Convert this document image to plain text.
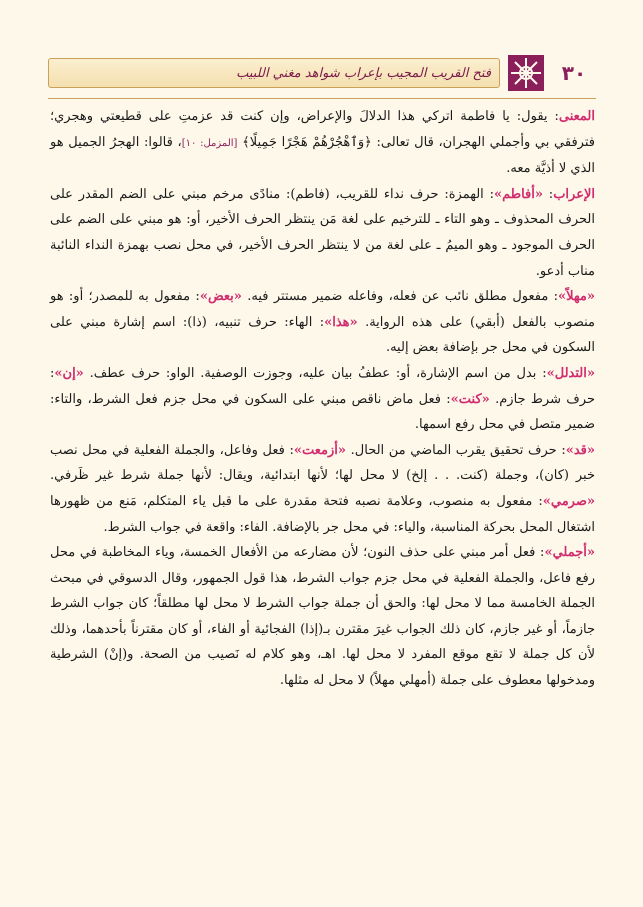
٣٠
فتح القريب المجيب بإعراب شواهد مغني اللبيب

المعنى: يقول: يا فاطمة اتركي هذا الدلالَ والإعراض، وإن كنت قد عزمتِ على قطيعتي وهجري؛ فترفقي بي وأجملي الهجران، قال تعالى: ﴿وَٱهْجُرْهُمْ هَجْرًا جَمِيلًا﴾ [المزمل: ١٠]، قالوا: الهجرُ الجميل هو الذي لا أذيَّة معه.

الإعراب: «أفاطم»: الهمزة: حرف نداء للقريب، (فاطم): منادًى مرخم مبني على الضم المقدر على الحرف المحذوف ـ وهو التاء ـ للترخيم على لغة مَن ينتظر الحرف الأخير، أو: هو مبني على الضم على الحرف الموجود ـ وهو الميمُ ـ على لغة من لا ينتظر الحرف الأخير، في محل نصب بهمزة النداء النائبة مناب أدعو.

«مهلاً»: مفعول مطلق نائب عن فعله، وفاعله ضمير مستتر فيه. «بعض»: مفعول به للمصدر؛ أو: هو منصوب بالفعل (أبقي) على هذه الرواية. «هذا»: الهاء: حرف تنبيه، (ذا): اسم إشارة مبني على السكون في محل جر بإضافة بعض إليه.

«التدلل»: بدل من اسم الإشارة، أو: عطفُ بيان عليه، وجوزت الوصفية. الواو: حرف عطف. «إن»: حرف شرط جازم. «كنت»: فعل ماض ناقص مبني على السكون في محل جزم فعل الشرط، والتاء: ضمير متصل في محل رفع اسمها.

«قد»: حرف تحقيق يقرب الماضي من الحال. «أزمعت»: فعل وفاعل، والجملة الفعلية في محل نصب خبر (كان)، وجملة (كنت. . . إلخ) لا محل لها؛ لأنها ابتدائية، ويقال: لأنها جملة شرط غير ظَرفي. «صرمي»: مفعول به منصوب، وعلامة نصبه فتحة مقدرة على ما قبل ياء المتكلم، مَنع من ظهورها اشتغال المحل بحركة المناسبة، والياء: في محل جر بالإضافة. الفاء: واقعة في جواب الشرط.

«أجملي»: فعل أمر مبني على حذف النون؛ لأن مضارعه من الأفعال الخمسة، وياء المخاطبة في محل رفع فاعل، والجملة الفعلية في محل جزم جواب الشرط، هذا قول الجمهور، وقال الدسوقي في مبحث الجملة الخامسة مما لا محل لها: والحق أن جملة جواب الشرط لا محل لها مطلقاً؛ كان جواب الشرط جازماً، أو غير جازم، كان ذلك الجواب غيرَ مقترن بـ(إذا) الفجائية أو الفاء، أو كان مقترناً بأحدهما، وذلك لأن كل جملة لا تقع موقع المفرد لا محل لها. اهـ، وهو كلام له نَصيب من الصحة. و(إنْ) الشرطية ومدخولها معطوف على جملة (أمهلي مهلاً) لا محل له مثلها.
